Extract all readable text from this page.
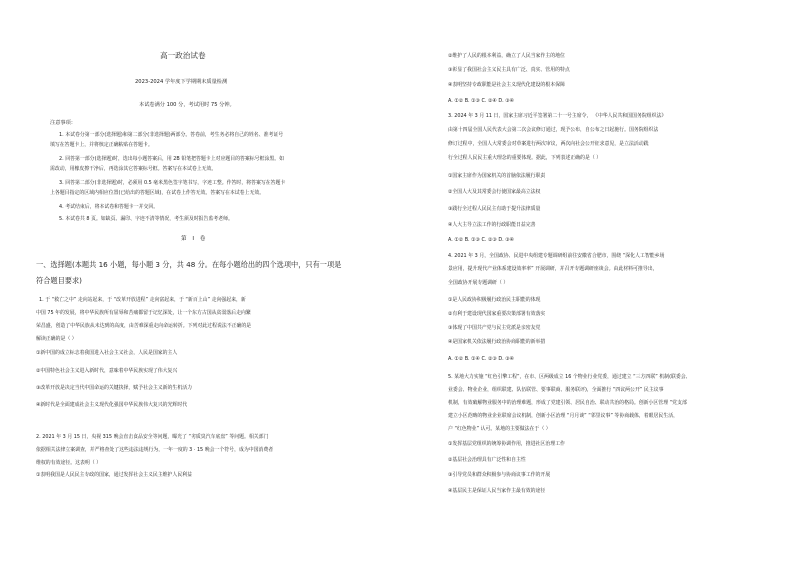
高一政治试卷
2023-2024 学年度下学期期末质量检测
本试卷满分 100 分，考试用时 75 分钟。
注意事项：
1. 本试卷分第一部分(选择题)和第二部分(非选择题)两部分。答卷前，考生务必将自己的姓名、准考证号
填写在答题卡上，并将核定正确粘贴在答题卡。
2. 回答第一部分(选择题)时，选出每小题答案后，用 2B 铅笔把答题卡上对应题目的答案标号框涂黑。如
需改动，用橡皮擦干净后，再选涂其它答案标号框。答案写在本试卷上无效。
3. 回答第二部分(非选择题)时，必须用 0.5 毫米黑色签字笔书写，字迹工整。作答时，将答案写在答题卡
上各题目指定的区域内相应位置(已给出的答题区域)，在试卷上作答无效。答案写在本试卷上无效。
4. 考试结束后，将本试卷和答题卡一并交回。
5. 本试卷共 8 页。如缺页、漏印、字迹不清等情况，考生须及时报告监考老师。
第 Ⅰ 卷
一、选择题(本题共 16 小题，每小题 3 分，共 48 分。在每小题给出的四个选项中，只有一项是
符合题目要求)
1. 于 “救亡之中” 走向站起来，于 “改革开放进程” 走向富起来，于 “新百上山” 走向强起来，新
中国 75 年的发展，将中华民族所有屈辱和苦痛都留于记忆深处，让一个东方古国从贫弱落后走向繁
荣昌盛，创造了中华民族从未达到的高度，由苦难深重走向命运转折。下列对此过程说法不正确的是
解读正确的是（ ）
①新中国的成立标志着我国进入社会主义社会，人民是国家的主人
②中国特色社会主义进入新时代，意味着中华民族实现了伟大复兴
③改革开放是决定当代中国命运的关键抉择，赋予社会主义新的生机活力
④新时代是全面建成社会主义现代化强国中华民族伟大复兴的光辉时代
2. 2021 年 3 月 15 日，央视 315 晚会直击食品安全等问题，曝光了 “劣质臭汽车底盘” 等问题。相关部门
依据相关法律立案调查，并严格查处了这些违法违规行为，一年一度的 3 · 15 晚会一个符号，成为中国消费者
维权的有效途径。这表明（ ）
①表明我国是人民民主专政的国家，通过发挥社会主义民主维护人民利益
②维护了人民的根本利益，确立了人民当家作主的地位
③彰显了我国社会主义民主具有广泛、真实、管用的特点
④表明坚持专政职能是社会主义现代化建设的根本保障
A. ①② B. ①③ C. ②④ D. ③④
3. 2024 年 3 月 11 日，国家主席习近平签署第二十一号主席令， 《中华人民共和国国务院组织法》
由第十四届全国人民代表大会第二次会议修订通过，现予公布，自公布之日起施行。国务院组织法
修订过程中，全国人大常委会对草案进行两次审议，两次向社会公开征求意见，是立法活动践
行全过程人民民主重大理念的重要体现。据此，下列表述正确的是（ ）
①国家主席作为国家机关的首脑依法履行职责
②全国人大及其常委会行使国家最高立法权
③践行全过程人民民主有助于提升法律质量
④人大主导立法工作的行政职能日益完善
A. ①② B. ①③ C. ②③ D. ③④
4. 2021 年 3 月，全国政协、民进中央组建专题调研组前往安徽省合肥市，围绕 “深化人工智能乡场
景应用，提升现代产业体系建设效率率” 开展调研，并召开专题调研座谈会。由此材料可推导出，
全国政协开展专题调研（ ）
①是人民政协积极履行政治民主职能的体现
②有利于建设现代国家重要决策部署有效落实
③体现了中国共产党与民主党派是亲密友党
④是国家机关依法履行政治协商职能的新举措
A. ①② B. ①④ C. ②③ D. ③④
5. 某地大力实施 “红色引擎工程”，在市、区两级成立 16 个物业行业党委，通过建立 “三方四联” 机制(联委会、
业委会、物业企业，组织联建、队伍联管、要事联商、服务联评)，全面推行 “四议两公开” 民主议事
机制，有效破解物业服务中的治理难题，形成了党建引领、居民自治、联动共治的格局。创新小区管理 “党支部
建立小区范畴的物业企业联席会议机制，创新小区治理 “月月谈” “邻里议事” 等协商载体，着眼居民生活，
户 “红色物业” 认可。某地的主要做法在于（ ）
①发挥基层党组织的统筹协调作用，推进社区治理工作
②基层社会治理具有广泛性和自主性
③引导党员和群众积极参与协商议事工作的开展
④基层民主是保证人民当家作主最有效的途径
